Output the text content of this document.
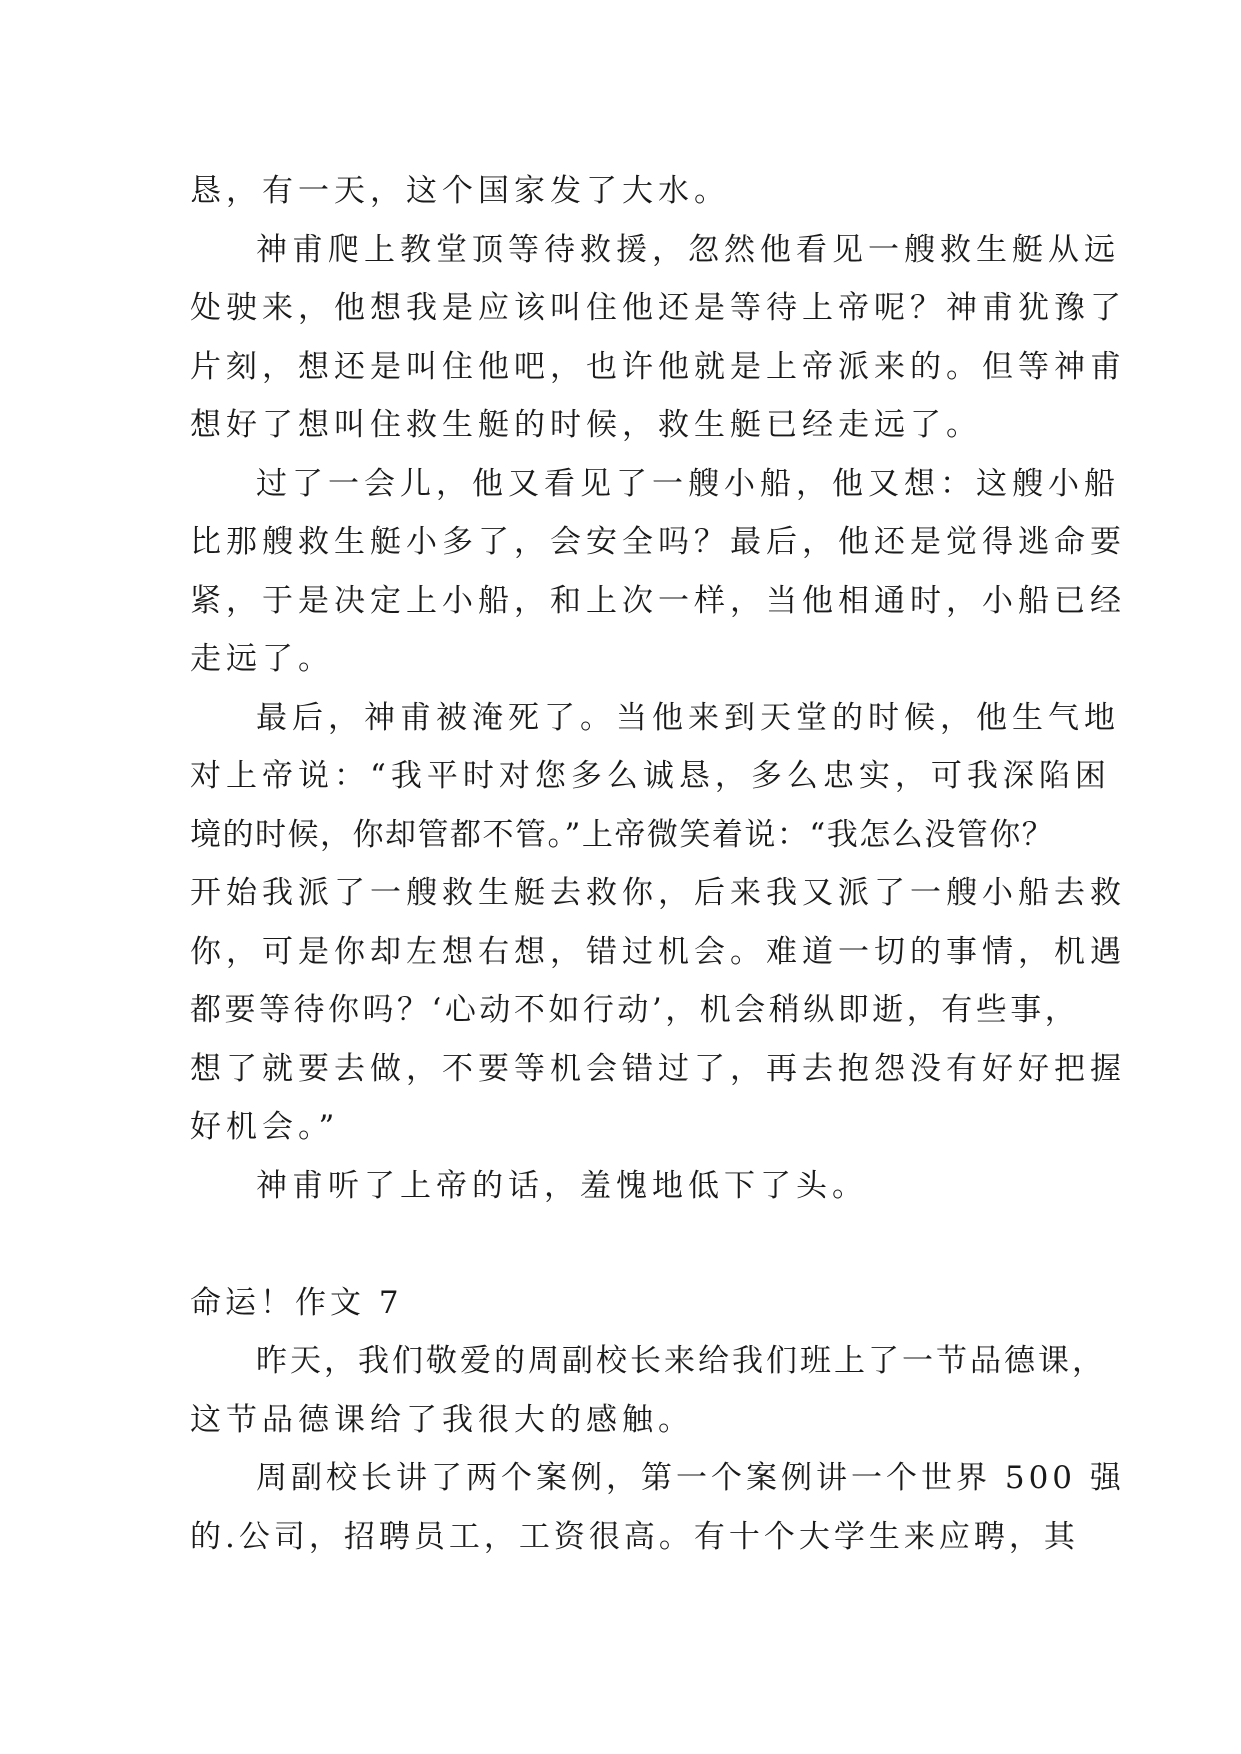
恳，有一天，这个国家发了大水。
神甫爬上教堂顶等待救援，忽然他看见一艘救生艇从远
处驶来，他想我是应该叫住他还是等待上帝呢？神甫犹豫了
片刻，想还是叫住他吧，也许他就是上帝派来的。但等神甫
想好了想叫住救生艇的时候，救生艇已经走远了。
过了一会儿，他又看见了一艘小船，他又想：这艘小船
比那艘救生艇小多了，会安全吗？最后，他还是觉得逃命要
紧，于是决定上小船，和上次一样，当他相通时，小船已经
走远了。
最后，神甫被淹死了。当他来到天堂的时候，他生气地
对上帝说：“我平时对您多么诚恳，多么忠实，可我深陷困
境的时候，你却管都不管。”上帝微笑着说：“我怎么没管你？
开始我派了一艘救生艇去救你，后来我又派了一艘小船去救
你，可是你却左想右想，错过机会。难道一切的事情，机遇
都要等待你吗？‘心动不如行动’，机会稍纵即逝，有些事，
想了就要去做，不要等机会错过了，再去抱怨没有好好把握
好机会。”
神甫听了上帝的话，羞愧地低下了头。
命运！作文 7
昨天，我们敬爱的周副校长来给我们班上了一节品德课，
这节品德课给了我很大的感触。
周副校长讲了两个案例，第一个案例讲一个世界 500 强
的.公司，招聘员工，工资很高。有十个大学生来应聘，其
